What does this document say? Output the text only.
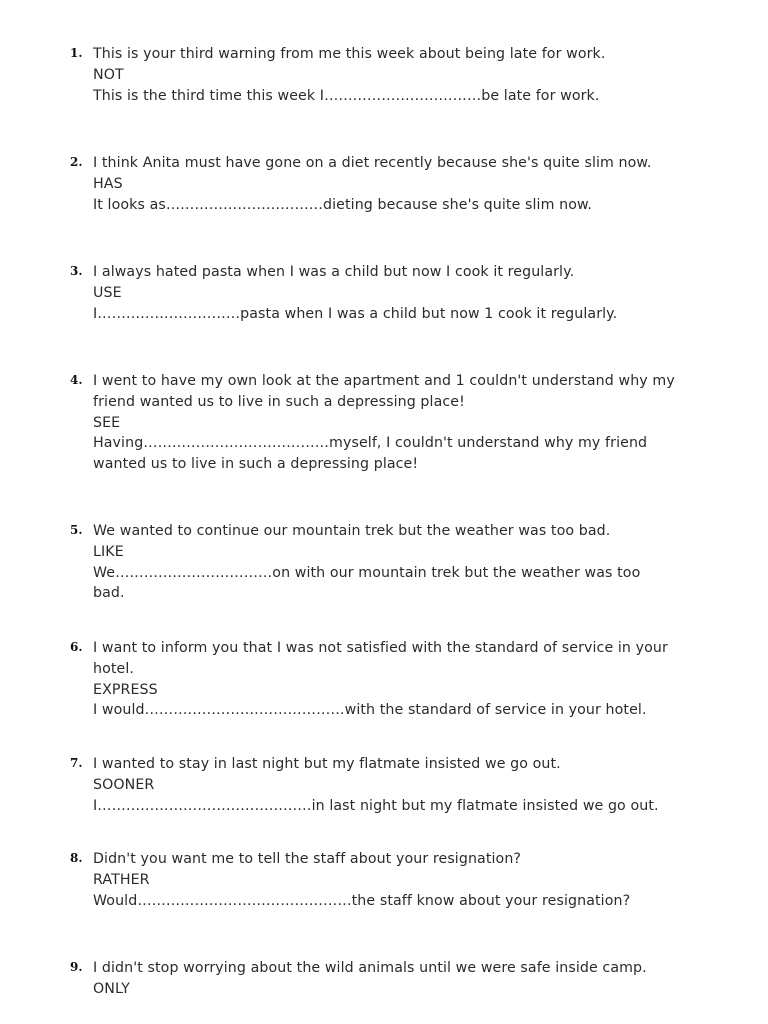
1. This is your third warning from me this week about being late for work.
NOT
This is the third time this week I……………………………be late for work.
2. I think Anita must have gone on a diet recently because she's quite slim now.
HAS
It looks as……………………………dieting because she's quite slim now.
3. I always hated pasta when I was a child but now I cook it regularly.
USE
I…………………………pasta when I was a child but now 1 cook it regularly.
4. I went to have my own look at the apartment and 1 couldn't understand why my
friend wanted us to live in such a depressing place!
SEE
Having…………………………………myself, I couldn't understand why my friend
wanted us to live in such a depressing place!
5. We wanted to continue our mountain trek but the weather was too bad.
LIKE
We……………………………on with our mountain trek but the weather was too
bad.
6. I want to inform you that I was not satisfied with the standard of service in your
hotel.
EXPRESS
I would……………………………………with the standard of service in your hotel.
7. I wanted to stay in last night but my flatmate insisted we go out.
SOONER
I………………………………………in last night but my flatmate insisted we go out.
8. Didn't you want me to tell the staff about your resignation?
RATHER
Would………………………………………the staff know about your resignation?
9. I didn't stop worrying about the wild animals until we were safe inside camp.
ONLY
